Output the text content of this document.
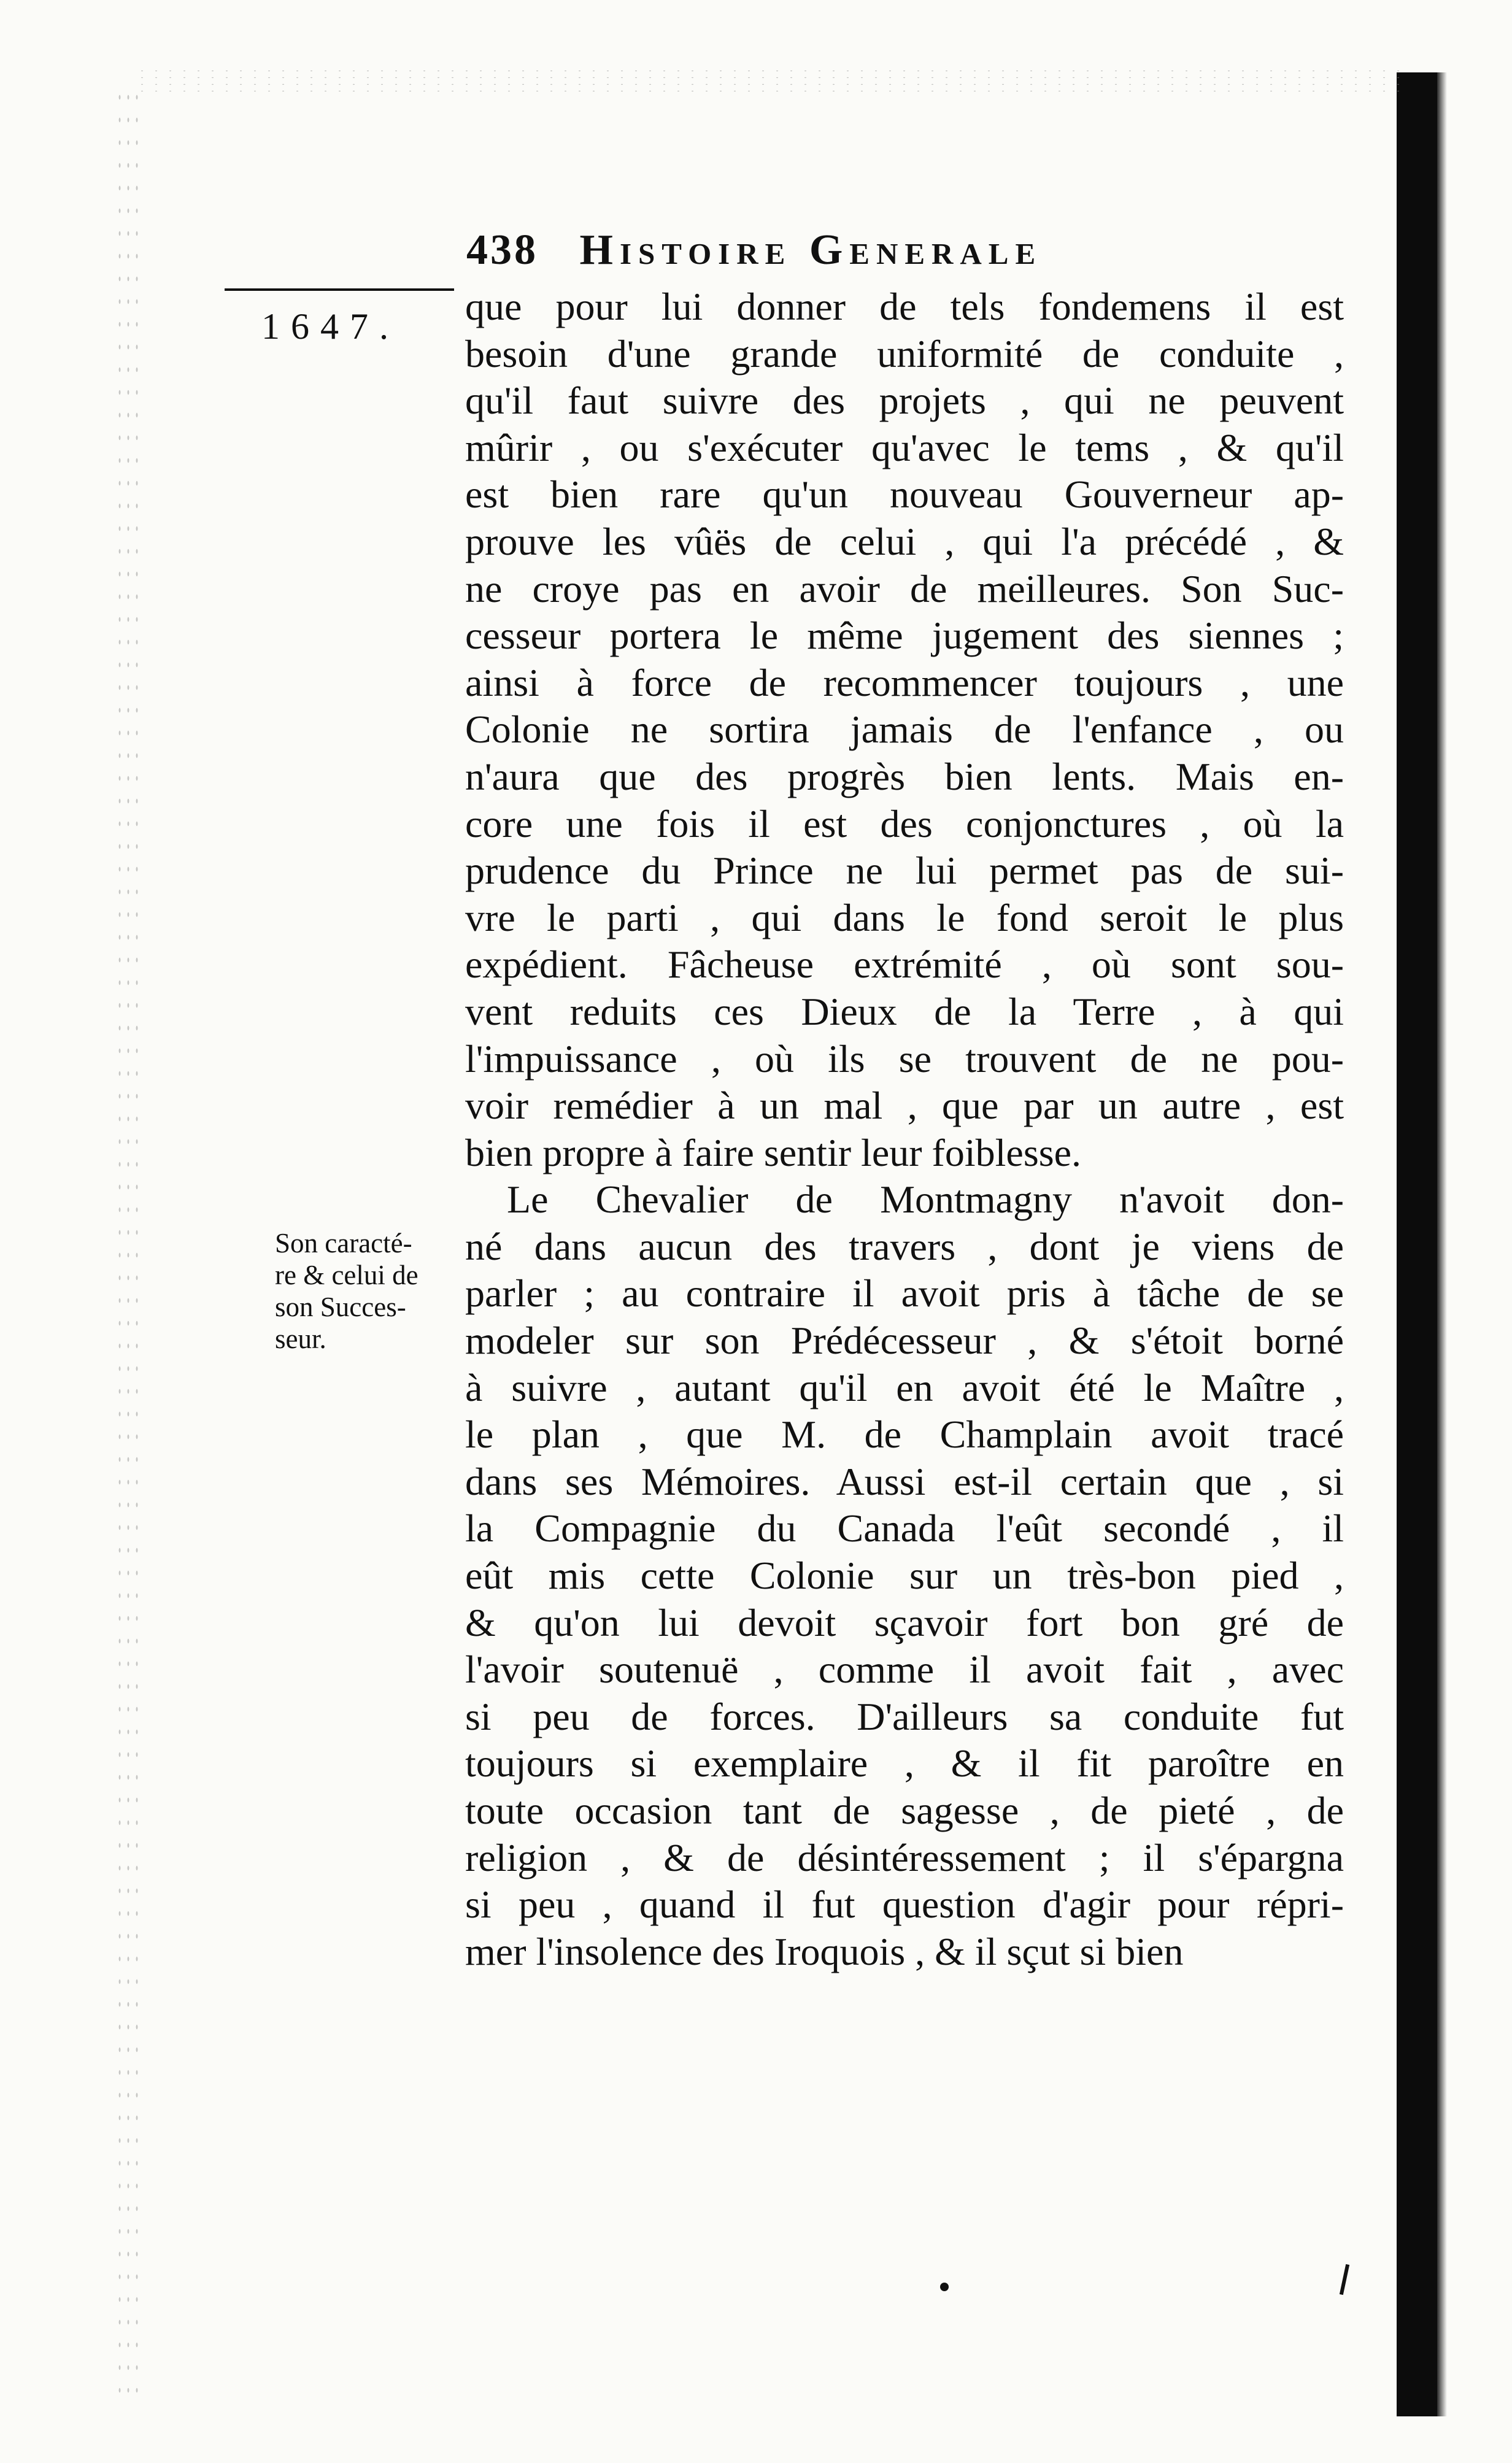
438 Histoire Generale
1647. que pour lui donner de tels fondemens il est
besoin d'une grande uniformité de conduite ,
qu'il faut suivre des projets , qui ne peuvent
mûrir , ou s'exécuter qu'avec le tems , & qu'il
est bien rare qu'un nouveau Gouverneur ap-
prouve les vûës de celui , qui l'a précédé , &
ne croye pas en avoir de meilleures. Son Suc-
cesseur portera le même jugement des siennes ;
ainsi à force de recommencer toujours , une
Colonie ne sortira jamais de l'enfance , ou
n'aura que des progrès bien lents. Mais en-
core une fois il est des conjonctures , où la
prudence du Prince ne lui permet pas de sui-
vre le parti , qui dans le fond seroit le plus
expédient. Fâcheuse extrémité , où sont sou-
vent reduits ces Dieux de la Terre , à qui
l'impuissance , où ils se trouvent de ne pou-
voir remédier à un mal , que par un autre , est
bien propre à faire sentir leur foiblesse.
Le Chevalier de Montmagny n'avoit don-
né dans aucun des travers , dont je viens de
parler ; au contraire il avoit pris à tâche de se
modeler sur son Prédécesseur , & s'étoit borné
à suivre , autant qu'il en avoit été le Maître ,
le plan , que M. de Champlain avoit tracé
dans ses Mémoires. Aussi est-il certain que , si
la Compagnie du Canada l'eût secondé , il
eût mis cette Colonie sur un très-bon pied ,
& qu'on lui devoit sçavoir fort bon gré de
l'avoir soutenuë , comme il avoit fait , avec
si peu de forces. D'ailleurs sa conduite fut
toujours si exemplaire , & il fit paroître en
toute occasion tant de sagesse , de pieté , de
religion , & de désintéressement ; il s'épargna
si peu , quand il fut question d'agir pour répri-
mer l'insolence des Iroquois , & il sçut si bien
Son caracté-
re & celui de
son Succes-
seur.
